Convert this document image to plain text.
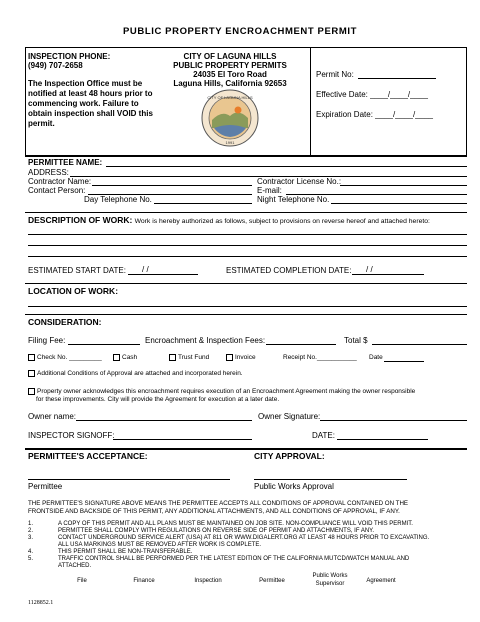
PUBLIC PROPERTY ENCROACHMENT PERMIT
INSPECTION PHONE:
(949) 707-2658
The Inspection Office must be
notified at least 48 hours prior to
commencing work. Failure to
obtain inspection shall VOID this
permit.
CITY OF LAGUNA HILLS
PUBLIC PROPERTY PERMITS
24035 El Toro Road
Laguna Hills, California 92653
CITY OF LAGUNA HILLS
1991
Permit No:
Effective Date: ____/____/____
Expiration Date: ____/____/____
PERMITTEE NAME:
ADDRESS:
Contractor Name:	Contractor License No.:
Contact Person:	E-mail:
Day Telephone No.	Night Telephone No.
DESCRIPTION OF WORK: Work is hereby authorized as follows, subject to provisions on reverse hereof and attached hereto:
ESTIMATED START DATE: / /	ESTIMATED COMPLETION DATE: / /
LOCATION OF WORK:
CONSIDERATION:
Filing Fee:	Encroachment & Inspection Fees:	Total $
Check No. _________	Cash	Trust Fund	Invoice	Receipt No.___________ Date
Additional Conditions of Approval are attached and incorporated herein.
Property owner acknowledges this encroachment requires execution of an Encroachment Agreement making the owner responsible
for these improvements. City will provide the Agreement for execution at a later date.
Owner name:	Owner Signature:
INSPECTOR SIGNOFF:	DATE:
PERMITTEE'S ACCEPTANCE:	CITY APPROVAL:
Permittee	Public Works Approval
THE PERMITTEE'S SIGNATURE ABOVE MEANS THE PERMITTEE ACCEPTS ALL CONDITIONS OF APPROVAL CONTAINED ON THE
FRONTSIDE AND BACKSIDE OF THIS PERMIT, ANY ADDITIONAL ATTACHMENTS, AND ALL CONDITIONS OF APPROVAL, IF ANY.
1.	A COPY OF THIS PERMIT AND ALL PLANS MUST BE MAINTAINED ON JOB SITE. NON-COMPLIANCE WILL VOID THIS PERMIT.
2.	PERMITTEE SHALL COMPLY WITH REGULATIONS ON REVERSE SIDE OF PERMIT AND ATTACHMENTS, IF ANY.
3.	CONTACT UNDERGROUND SERVICE ALERT (USA) AT 811 OR WWW.DIGALERT.ORG AT LEAST 48 HOURS PRIOR TO EXCAVATING.
ALL USA MARKINGS MUST BE REMOVED AFTER WORK IS COMPLETE.
4.	THIS PERMIT SHALL BE NON-TRANSFERABLE.
5.	TRAFFIC CONTROL SHALL BE PERFORMED PER THE LATEST EDITION OF THE CALIFORNIA MUTCD/WATCH MANUAL AND
ATTACHED.
File	Finance	Inspection	Permittee
Public Works
Supervisor	Agreement
1128852.1
